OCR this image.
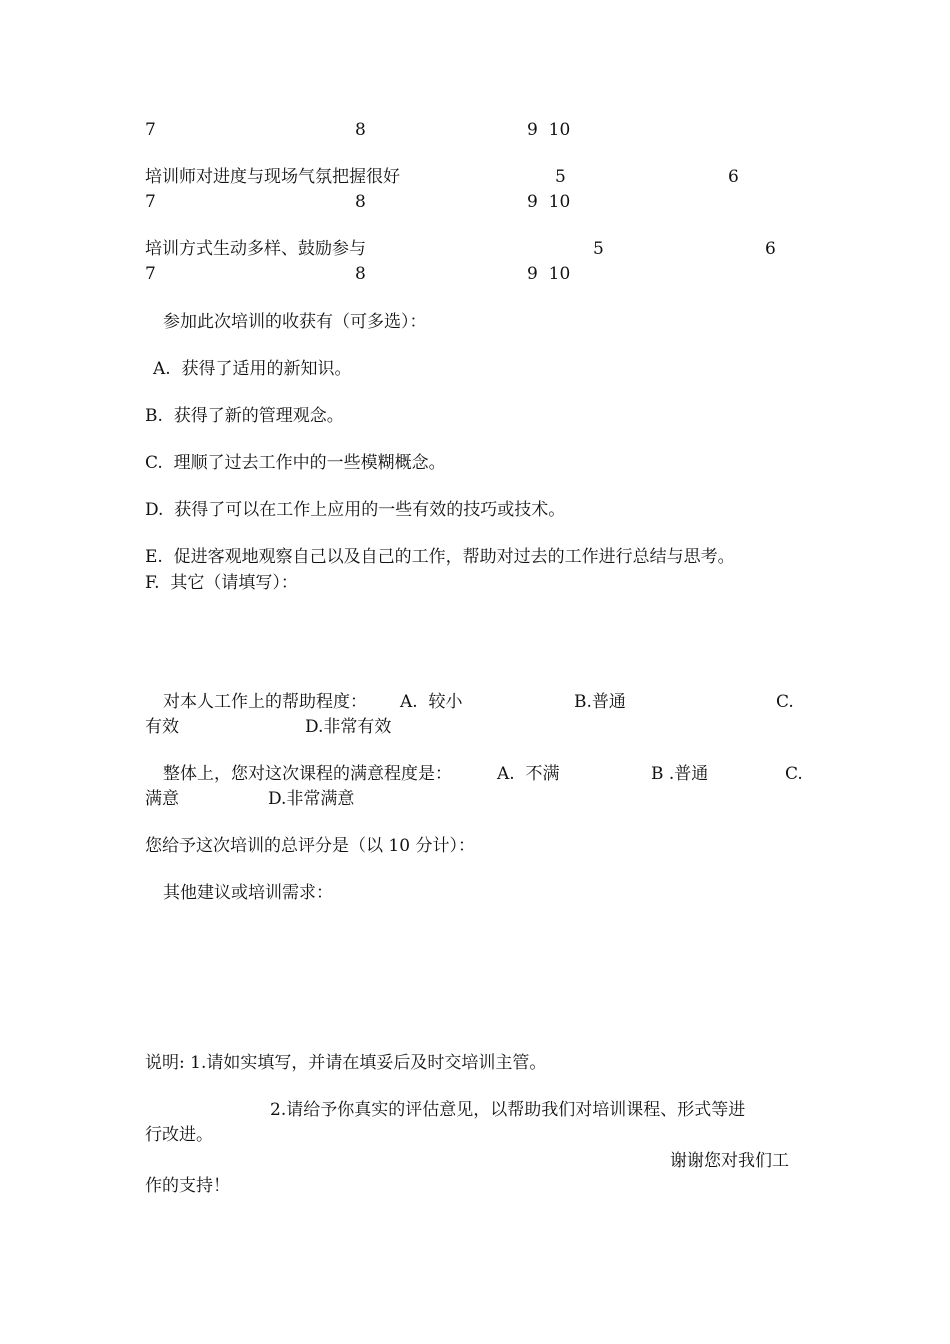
7	8	9  10
培训师对进度与现场气氛把握很好	5	6
7	8	9  10
培训方式生动多样、鼓励参与	5	6
7	8	9  10
参加此次培训的收获有（可多选）：
A.  获得了适用的新知识。
B.  获得了新的管理观念。
C.  理顺了过去工作中的一些模糊概念。
D.  获得了可以在工作上应用的一些有效的技巧或技术。
E.  促进客观地观察自己以及自己的工作，帮助对过去的工作进行总结与思考。
F.  其它（请填写）：
对本人工作上的帮助程度： A.  较小	B.普通	C.
有效	D.非常有效
整体上，您对这次课程的满意程度是：	A.  不满	B .普通	C.
满意	D.非常满意
您给予这次培训的总评分是（以 10 分计）：
其他建议或培训需求：
说明: 1.请如实填写，并请在填妥后及时交培训主管。
2.请给予你真实的评估意见，以帮助我们对培训课程、形式等进
行改进。
谢谢您对我们工
作的支持！
